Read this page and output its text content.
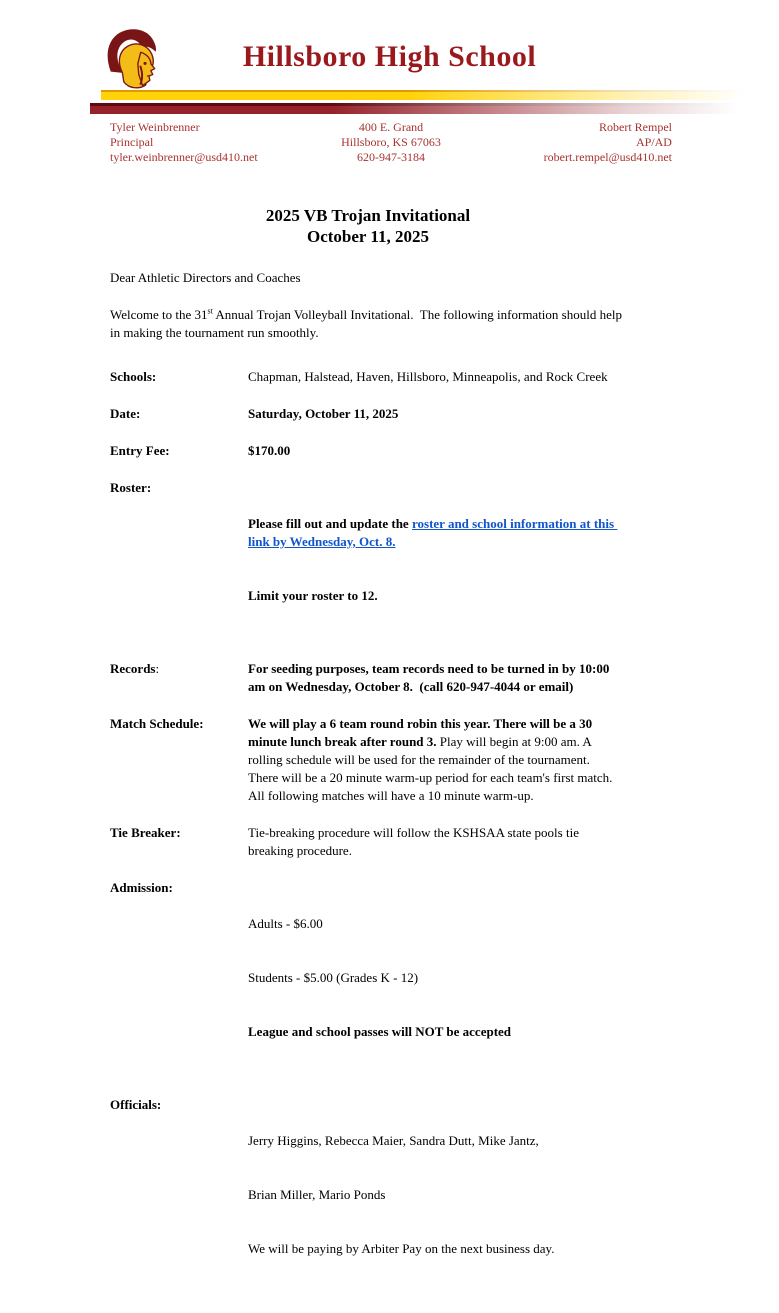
Hillsboro High School
Tyler Weinbrenner
Principal
tyler.weinbrenner@usd410.net
400 E. Grand
Hillsboro, KS 67063
620-947-3184
Robert Rempel
AP/AD
robert.rempel@usd410.net
2025 VB Trojan Invitational
October 11, 2025

Dear Athletic Directors and Coaches

Welcome to the 31st Annual Trojan Volleyball Invitational.  The following information should help in making the tournament run smoothly.

Schools:	Chapman, Halstead, Haven, Hillsboro, Minneapolis, and Rock Creek
Date:	Saturday, October 11, 2025
Entry Fee:	$170.00
Roster:

Please fill out and update the roster and school information at this link by Wednesday, Oct. 8.

Limit your roster to 12.

Records:	For seeding purposes, team records need to be turned in by 10:00 am on Wednesday, October 8.  (call 620-947-4044 or email)
Match Schedule:	We will play a 6 team round robin this year. There will be a 30 minute lunch break after round 3. Play will begin at 9:00 am. A rolling schedule will be used for the remainder of the tournament.  There will be a 20 minute warm-up period for each team's first match.  All following matches will have a 10 minute warm-up.
Tie Breaker:	Tie-breaking procedure will follow the KSHSAA state pools tie breaking procedure.
Admission:

Adults - $6.00

Students - $5.00 (Grades K - 12)

League and school passes will NOT be accepted

Officials:

Jerry Higgins, Rebecca Maier, Sandra Dutt, Mike Jantz,

Brian Miller, Mario Ponds

We will be paying by Arbiter Pay on the next business day.
